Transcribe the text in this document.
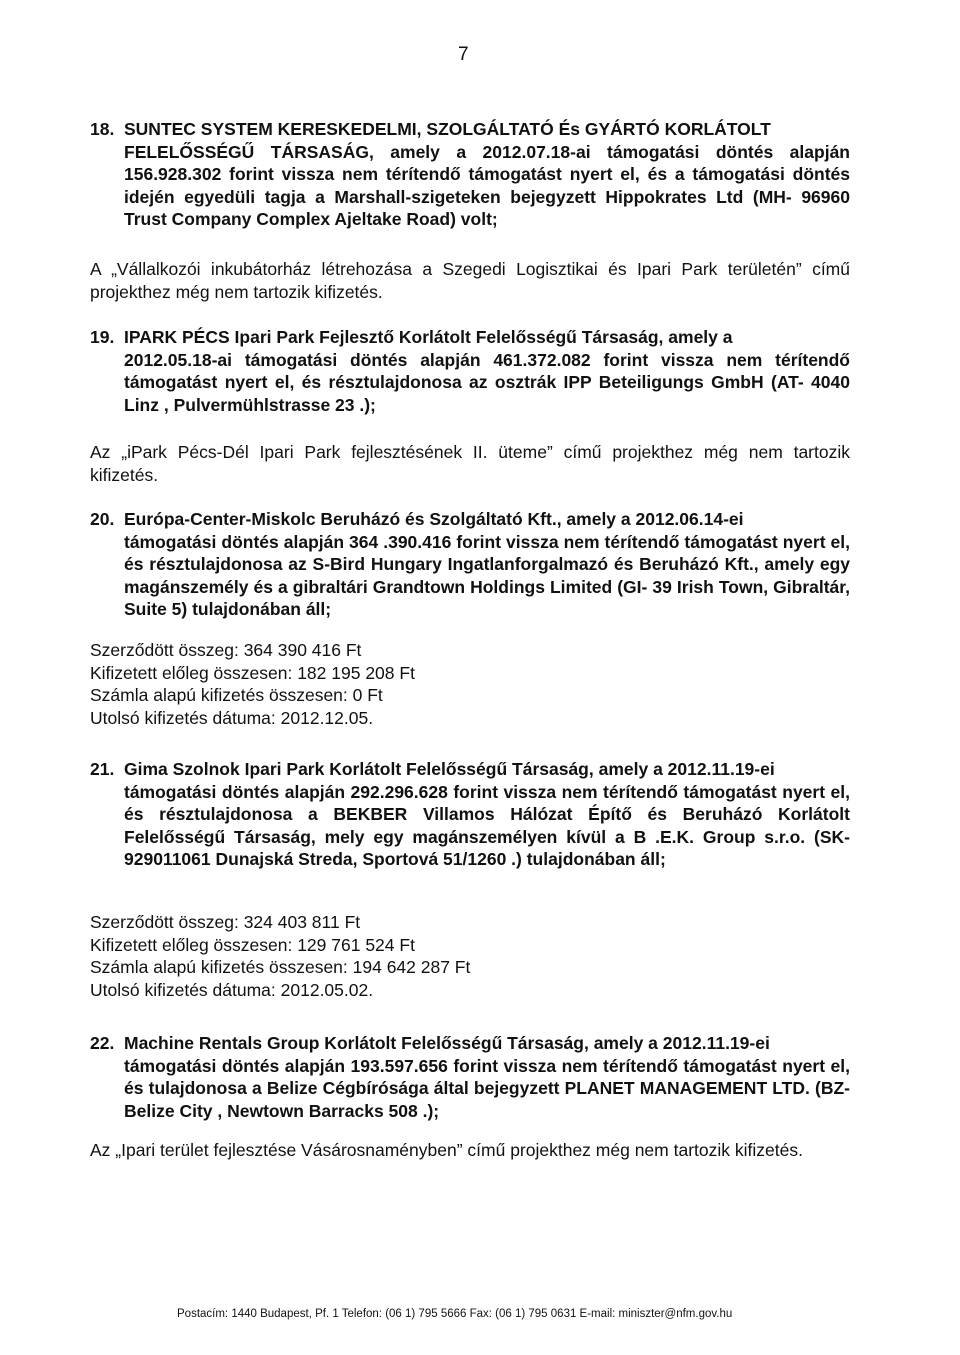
7
18. SUNTEC SYSTEM KERESKEDELMI, SZOLGÁLTATÓ És GYÁRTÓ KORLÁTOLT
FELELŐSSÉGŰ TÁRSASÁG, amely a 2012.07.18-ai támogatási döntés alapján 156.928.302 forint vissza nem térítendő támogatást nyert el, és a támogatási döntés idején egyedüli tagja a Marshall-szigeteken bejegyzett Hippokrates Ltd (MH- 96960 Trust Company Complex Ajeltake Road) volt;
A „Vállalkozói inkubátorház létrehozása a Szegedi Logisztikai és Ipari Park területén” című projekthez még nem tartozik kifizetés.
19. IPARK PÉCS Ipari Park Fejlesztő Korlátolt Felelősségű Társaság, amely a
2012.05.18-ai támogatási döntés alapján 461.372.082 forint vissza nem térítendő támogatást nyert el, és résztulajdonosa az osztrák IPP Beteiligungs GmbH (AT- 4040 Linz , Pulvermühlstrasse 23 .);
Az „iPark Pécs-Dél Ipari Park fejlesztésének II. üteme” című projekthez még nem tartozik kifizetés.
20. Európa-Center-Miskolc Beruházó és Szolgáltató Kft., amely a 2012.06.14-ei
támogatási döntés alapján 364 .390.416 forint vissza nem térítendő támogatást nyert el, és résztulajdonosa az S-Bird Hungary Ingatlanforgalmazó és Beruházó Kft., amely egy magánszemély és a gibraltári Grandtown Holdings Limited (GI- 39 Irish Town, Gibraltár, Suite 5) tulajdonában áll;
Szerződött összeg: 364 390 416 Ft
Kifizetett előleg összesen: 182 195 208 Ft
Számla alapú kifizetés összesen: 0 Ft
Utolsó kifizetés dátuma: 2012.12.05.
21. Gima Szolnok Ipari Park Korlátolt Felelősségű Társaság, amely a 2012.11.19-ei
támogatási döntés alapján 292.296.628 forint vissza nem térítendő támogatást nyert el, és résztulajdonosa a BEKBER Villamos Hálózat Építő és Beruházó Korlátolt Felelősségű Társaság, mely egy magánszemélyen kívül a B .E.K. Group s.r.o. (SK- 929011061 Dunajská Streda, Sportová 51/1260 .) tulajdonában áll;
Szerződött összeg: 324 403 811 Ft
Kifizetett előleg összesen: 129 761 524 Ft
Számla alapú kifizetés összesen: 194 642 287 Ft
Utolsó kifizetés dátuma: 2012.05.02.
22. Machine Rentals Group Korlátolt Felelősségű Társaság, amely a 2012.11.19-ei
támogatási döntés alapján 193.597.656 forint vissza nem térítendő támogatást nyert el, és tulajdonosa a Belize Cégbírósága által bejegyzett PLANET MANAGEMENT LTD. (BZ- Belize City , Newtown Barracks 508 .);
Az „Ipari terület fejlesztése Vásárosnaményben” című projekthez még nem tartozik kifizetés.
Postacím: 1440 Budapest, Pf. 1 Telefon: (06 1) 795 5666 Fax: (06 1) 795 0631 E-mail: miniszter@nfm.gov.hu
